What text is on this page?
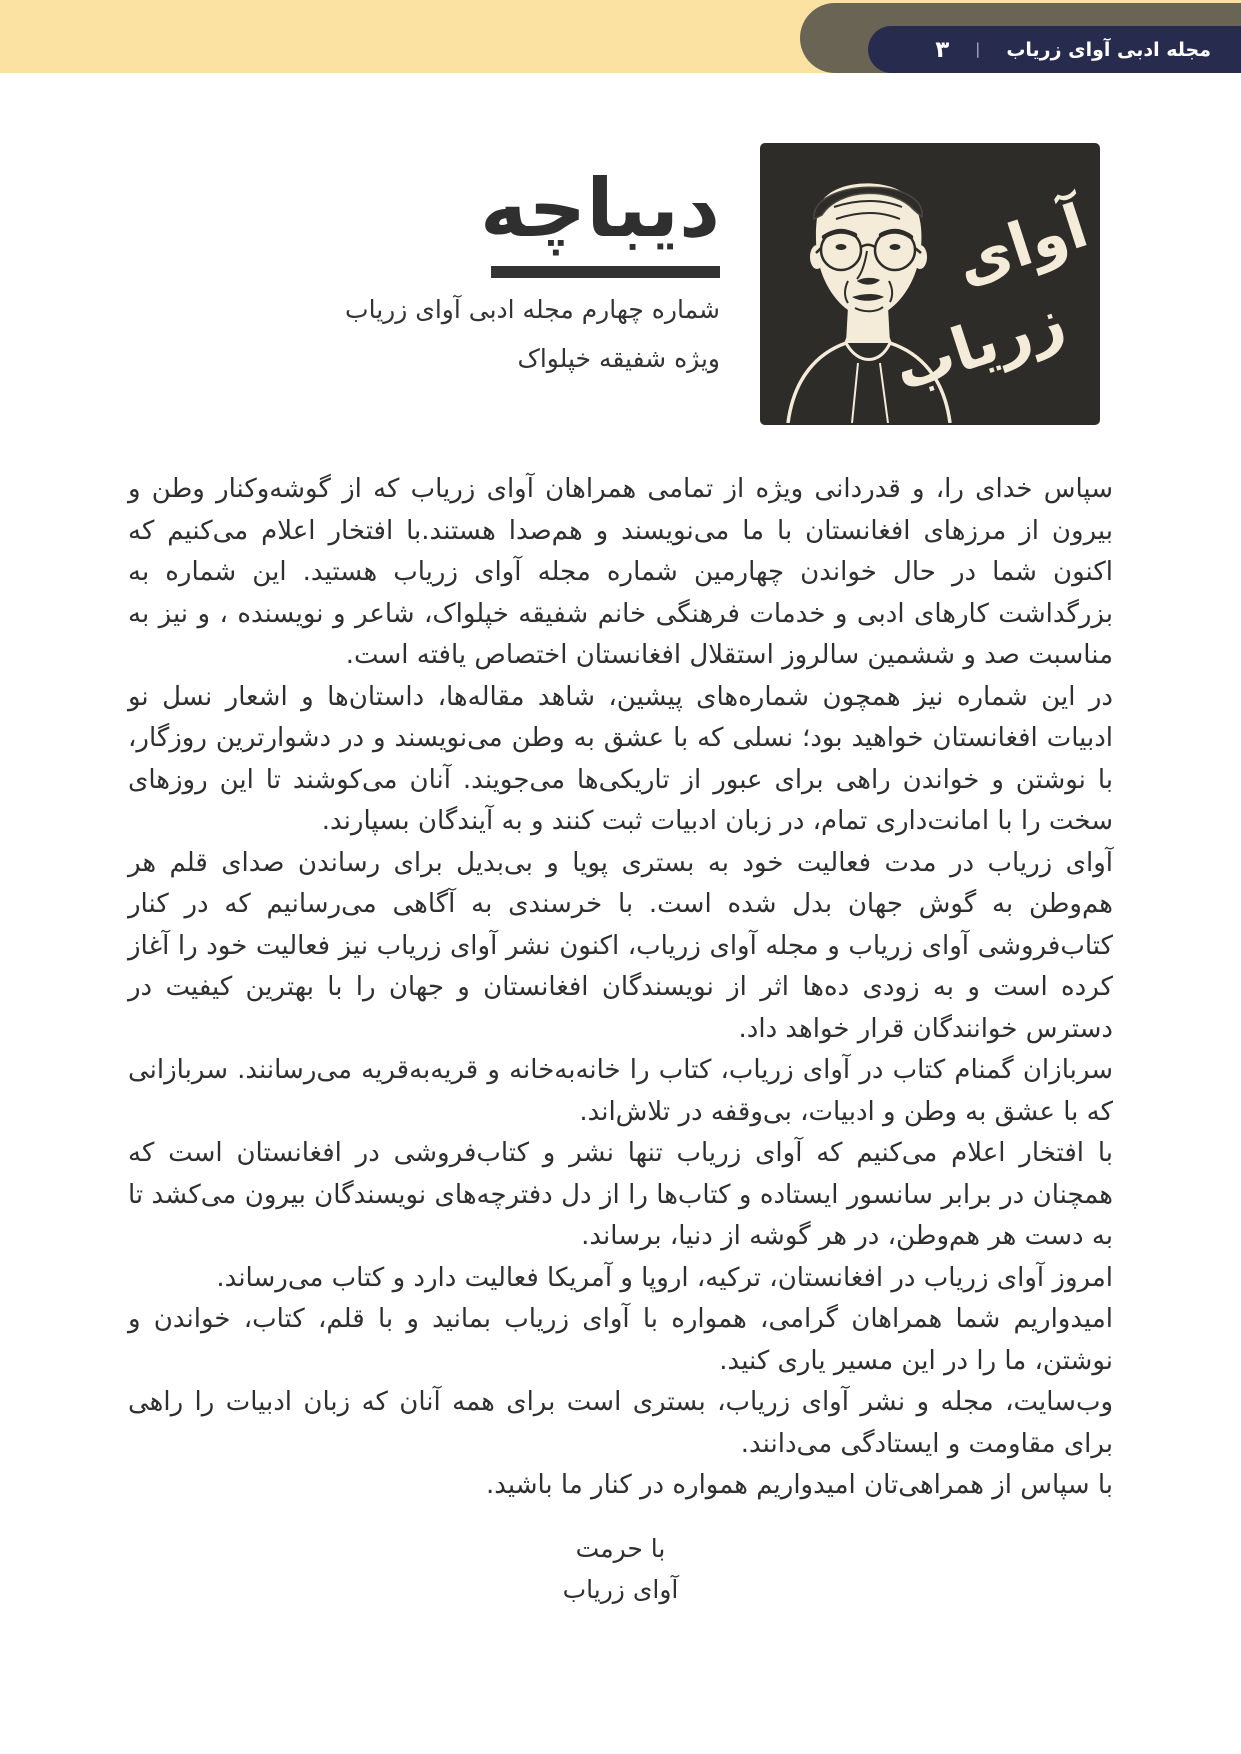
مجله ادبی آوای زریاب
|
۳
آوای
زریاب
دیباچه
شماره چهارم مجله ادبی آوای زریاب
ویژه شفیقه خپلواک

سپاس خدای را، و قدردانی ویژه از تمامی همراهان آوای زریاب که از گوشه‌وکنار وطن و بیرون از مرزهای افغانستان با ما می‌نویسند و هم‌صدا هستند.با افتخار اعلام می‌کنیم که اکنون شما در حال خواندن چهارمین شماره مجله آوای زریاب هستید. این شماره به بزرگداشت کارهای ادبی و خدمات فرهنگی خانم شفیقه خپلواک، شاعر و نویسنده ، و نیز به مناسبت صد و ششمین سالروز استقلال افغانستان اختصاص یافته است.

در این شماره نیز همچون شماره‌های پیشین، شاهد مقاله‌ها، داستان‌ها و اشعار نسل نو ادبیات افغانستان خواهید بود؛ نسلی که با عشق به وطن می‌نویسند و در دشوارترین روزگار، با نوشتن و خواندن راهی برای عبور از تاریکی‌ها می‌جویند. آنان می‌کوشند تا این روزهای سخت را با امانت‌داری تمام، در زبان ادبیات ثبت کنند و به آیندگان بسپارند.

آوای زریاب در مدت فعالیت خود به بستری پویا و بی‌بدیل برای رساندن صدای قلم هر هم‌وطن به گوش جهان بدل شده است. با خرسندی به آگاهی می‌رسانیم که در کنار کتاب‌فروشی آوای زریاب و مجله آوای زریاب، اکنون نشر آوای زریاب نیز فعالیت خود را آغاز کرده است و به زودی ده‌ها اثر از نویسندگان افغانستان و جهان را با بهترین کیفیت در دسترس خوانندگان قرار خواهد داد.

سربازان گمنام کتاب در آوای زریاب، کتاب را خانه‌به‌خانه و قریه‌به‌قریه می‌رسانند. سربازانی که با عشق به وطن و ادبیات، بی‌وقفه در تلاش‌اند.

با افتخار اعلام می‌کنیم که آوای زریاب تنها نشر و کتاب‌فروشی در افغانستان است که همچنان در برابر سانسور ایستاده و کتاب‌ها را از دل دفترچه‌های نویسندگان بیرون می‌کشد تا به دست هر هم‌وطن، در هر گوشه از دنیا، برساند.

امروز آوای زریاب در افغانستان، ترکیه، اروپا و آمریکا فعالیت دارد و کتاب می‌رساند.

امیدواریم شما همراهان گرامی، همواره با آوای زریاب بمانید و با قلم، کتاب، خواندن و نوشتن، ما را در این مسیر یاری کنید.

وب‌سایت، مجله و نشر آوای زریاب، بستری است برای همه آنان که زبان ادبیات را راهی برای مقاومت و ایستادگی می‌دانند.

با سپاس از همراهی‌تان امیدواریم همواره در کنار ما باشید.

با حرمت
آوای زریاب
